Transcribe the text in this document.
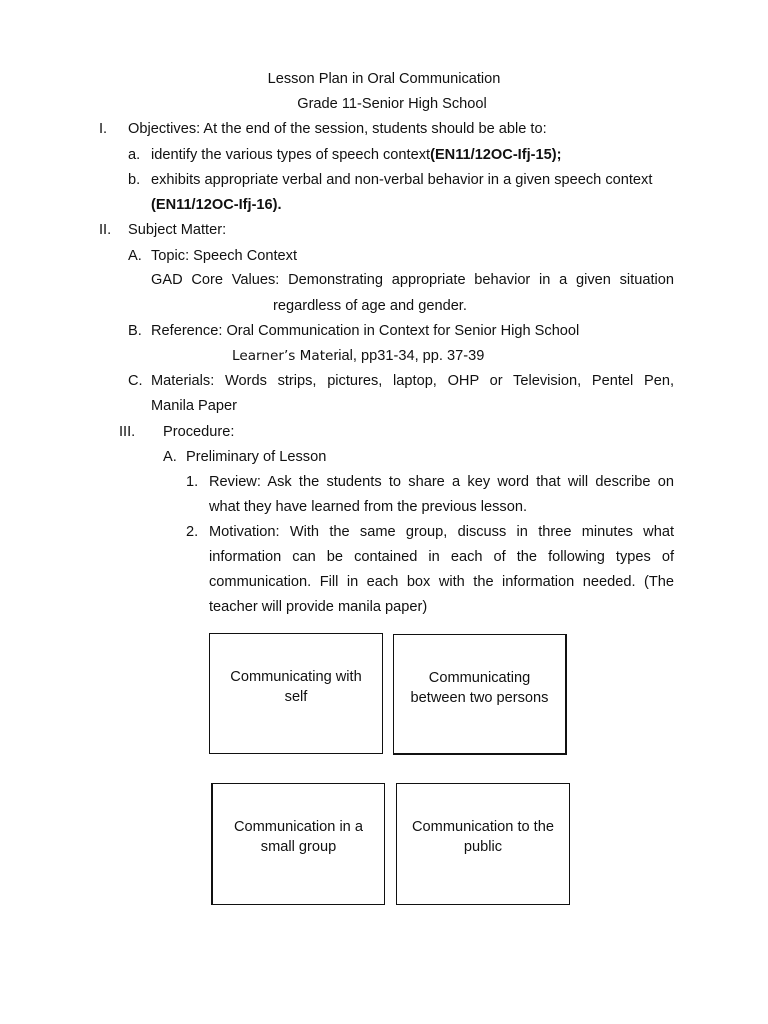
Lesson Plan in Oral Communication
Grade 11-Senior High School
I. Objectives: At the end of the session, students should be able to:
a. identify the various types of speech context(EN11/12OC-Ifj-15);
b. exhibits appropriate verbal and non-verbal behavior in a given speech context
(EN11/12OC-Ifj-16).
II. Subject Matter:
A. Topic: Speech Context
GAD Core Values: Demonstrating appropriate behavior in a given situation
regardless of age and gender.
B. Reference: Oral Communication in Context for Senior High School
Learner’s Material, pp31-34, pp. 37-39
C. Materials: Words strips, pictures, laptop, OHP or Television, Pentel Pen,
Manila Paper
III. Procedure:
A. Preliminary of Lesson
1. Review: Ask the students to share a key word that will describe on
what they have learned from the previous lesson.
2. Motivation: With the same group, discuss in three minutes what
information can be contained in each of the following types of
communication. Fill in each box with the information needed. (The
teacher will provide manila paper)
Communicating with
self
Communicating
between two persons
Communication in a
small group
Communication to the
public
